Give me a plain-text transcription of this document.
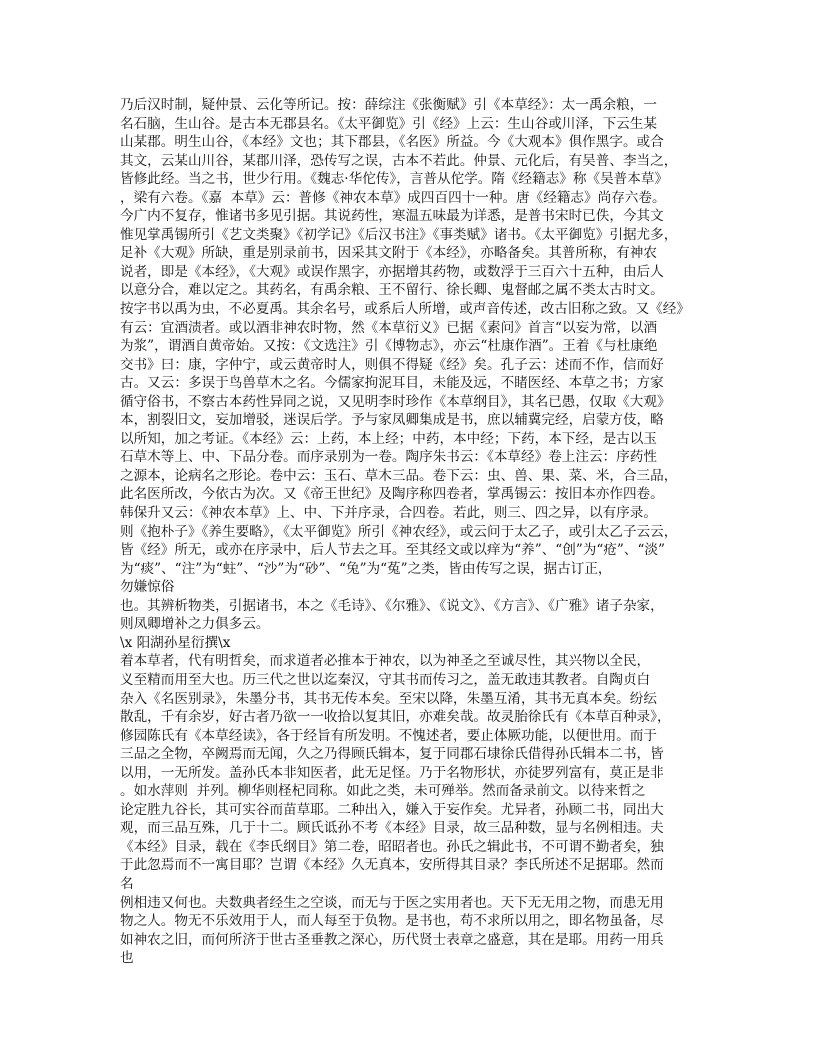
乃后汉时制，疑仲景、云化等所记。按：薛综注《张衡赋》引《本草经》：太一禹余粮，一
名石脑，生山谷。是古本无郡县名。《太平御览》引《经》上云：生山谷或川泽，下云生某
山某郡。明生山谷，《本经》文也；其下郡县，《名医》所益。今《大观本》俱作黑字。或合
其文，云某山川谷，某郡川泽，恐传写之误，古本不若此。仲景、元化后，有吴普、李当之，
皆修此经。当之书，世少行用。《魏志·华佗传》，言普从佗学。隋《经籍志》称《吴普本草》
，梁有六卷。《嘉  本草》云：普修《神农本草》成四百四十一种。唐《经籍志》尚存六卷。
今广内不复存，惟诸书多见引据。其说药性，寒温五味最为详悉，是普书宋时已佚，今其文
惟见掌禹锡所引《艺文类聚》《初学记》《后汉书注》《事类赋》诸书。《太平御览》引据尤多，
足补《大观》所缺，重是别录前书，因采其文附于《本经》，亦略备矣。其普所称，有神农
说者，即是《本经》，《大观》或误作黑字，亦据增其药物，或数浮于三百六十五种，由后人
以意分合，难以定之。其药名，有禹余粮、王不留行、徐长卿、鬼督邮之属不类太古时文。
按字书以禹为虫，不必夏禹。其余名号，或系后人所增，或声音传述，改古旧称之致。又《经》
有云：宜酒渍者。或以酒非神农时物，然《本草衍义》已据《素问》首言“以妄为常，以酒
为浆”，谓酒自黄帝始。又按：《文选注》引《博物志》，亦云“杜康作酒”。王着《与杜康绝
交书》曰：康，字仲宁，或云黄帝时人，则俱不得疑《经》矣。孔子云：述而不作，信而好
古。又云：多误于鸟兽草木之名。今儒家拘泥耳目，未能及远，不睹医经、本草之书；方家
循守俗书，不察古本药性异同之说，又见明李时珍作《本草纲目》，其名已愚，仅取《大观》
本，割裂旧文，妄加增驳，迷误后学。予与家凤卿集成是书，庶以辅冀完经，启蒙方伎，略
以所知，加之考证。《本经》云：上药，本上经；中药，本中经；下药，本下经，是古以玉
石草木等上、中、下品分卷。而序录别为一卷。陶序朱书云：《本草经》卷上注云：序药性
之源本，论病名之形论。卷中云：玉石、草木三品。卷下云：虫、兽、果、菜、米，合三品，
此名医所改，今依古为次。又《帝王世纪》及陶序称四卷者，掌禹锡云：按旧本亦作四卷。
韩保升又云：《神农本草》上、中、下并序录，合四卷。若此，则三、四之异，以有序录。
则《抱朴子》《养生要略》，《太平御览》所引《神农经》，或云问于太乙子，或引太乙子云云，
皆《经》所无，或亦在序录中，后人节去之耳。至其经文或以痒为“养”、“创”为“疮”、“淡”
为“痰”、“注”为“蛀”、“沙”为“砂”、“兔”为“菟”之类，皆由传写之误，据古订正，
勿嫌惊俗
也。其辨析物类，引据诸书，本之《毛诗》、《尔雅》、《说文》、《方言》、《广雅》诸子杂家，
则凤卿增补之力俱多云。
\x 阳湖孙星衍撰\x
着本草者，代有明哲矣，而求道者必推本于神农，以为神圣之至诚尽性，其兴物以全民，
义至精而用至大也。历三代之世以迄秦汉，守其书而传习之，盖无敢违其教者。自陶贞白
杂入《名医别录》，朱墨分书，其书无传本矣。至宋以降，朱墨互淆，其书无真本矣。纷纭
散乱，千有余岁，好古者乃欲一一收拾以复其旧，亦难矣哉。故灵胎徐氏有《本草百种录》，
修园陈氏有《本草经读》，各于经旨有所发明。不愧述者，要止体厥功能，以便世用。而于
三品之全物，卒阙焉而无闻，久之乃得顾氏辑本，复于同郡石埭徐氏借得孙氏辑本二书，皆
以用，一无所发。盖孙氏本非知医者，此无足怪。乃于名物形状，亦徒罗列富有，莫正是非
。如水萍则  并列。柳华则柽杞同称。如此之类，未可殚举。然而备录前文。以待来哲之
论定胜九谷长，其可实谷而苗草耶。二种出入，嫌入于妄作矣。尤异者，孙顾二书，同出大
观，而三品互殊，几于十二。顾氏诋孙不考《本经》目录，故三品种数，显与名例相违。夫
《本经》目录，载在《李氏纲目》第二卷，昭昭者也。孙氏之辑此书，不可谓不勤者矣，独
于此忽焉而不一寓目耶？岂谓《本经》久无真本，安所得其目录？李氏所述不足据耶。然而
名
例相违又何也。夫数典者经生之空谈，而无与于医之实用者也。天下无无用之物，而患无用
物之人。物无不乐效用于人，而人每至于负物。是书也，苟不求所以用之，即名物虽备，尽
如神农之旧，而何所济于世古圣垂教之深心，历代贤士表章之盛意，其在是耶。用药一用兵
也
